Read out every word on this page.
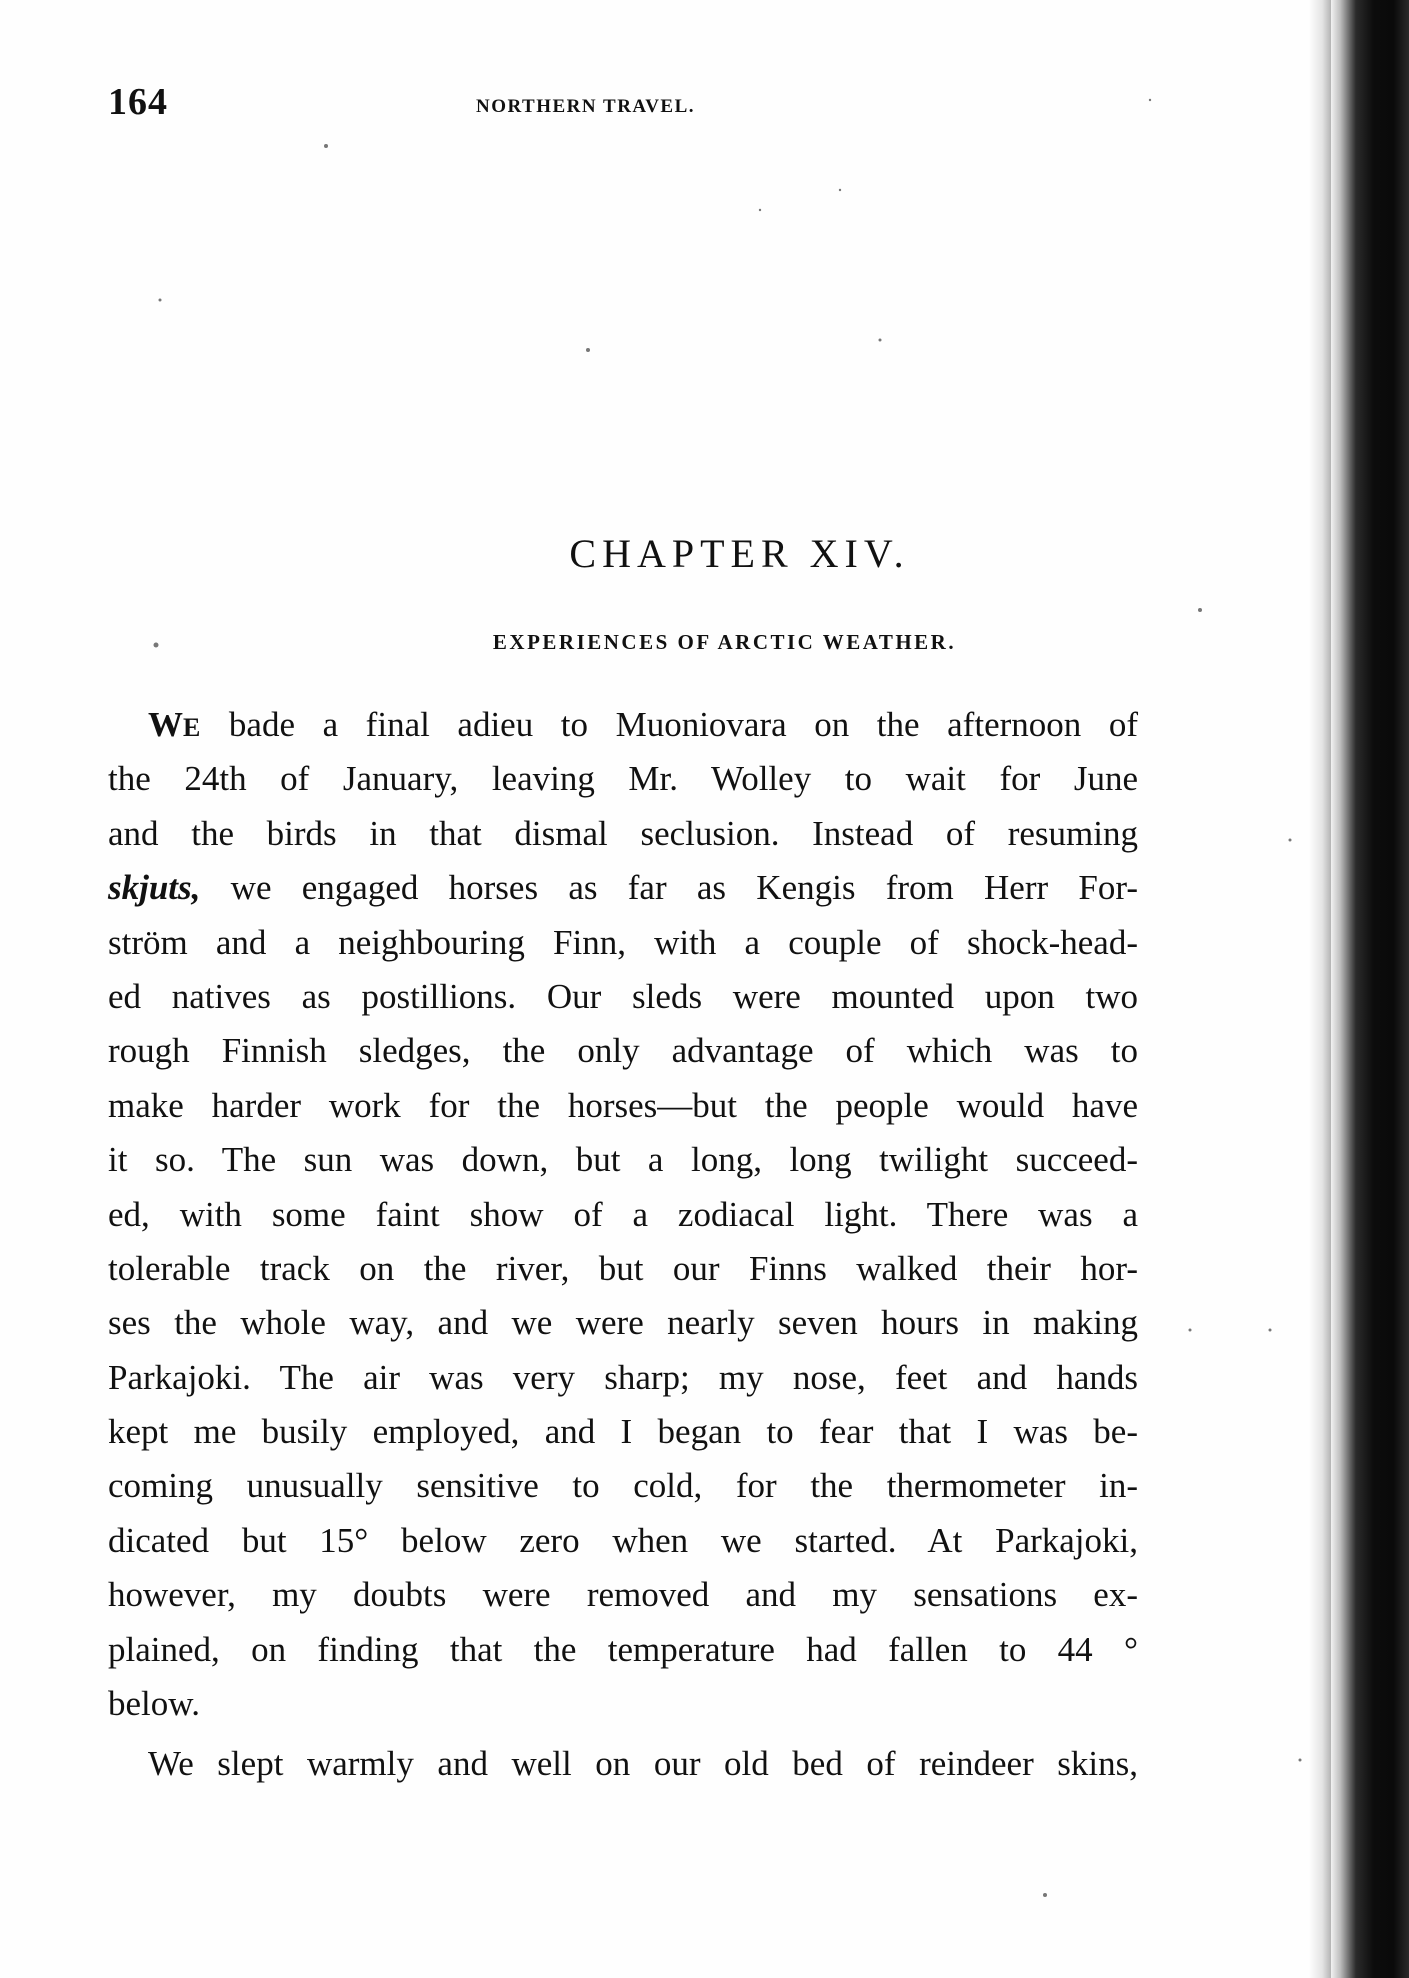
164	NORTHERN TRAVEL.
CHAPTER XIV.
EXPERIENCES OF ARCTIC WEATHER.
WE bade a final adieu to Muoniovara on the afternoon of
the 24th of January, leaving Mr. Wolley to wait for June
and the birds in that dismal seclusion. Instead of resuming
skjuts, we engaged horses as far as Kengis from Herr For-
ström and a neighbouring Finn, with a couple of shock-head-
ed natives as postillions. Our sleds were mounted upon two
rough Finnish sledges, the only advantage of which was to
make harder work for the horses—but the people would have
it so. The sun was down, but a long, long twilight succeed-
ed, with some faint show of a zodiacal light. There was a
tolerable track on the river, but our Finns walked their hor-
ses the whole way, and we were nearly seven hours in making
Parkajoki. The air was very sharp; my nose, feet and hands
kept me busily employed, and I began to fear that I was be-
coming unusually sensitive to cold, for the thermometer in-
dicated but 15° below zero when we started. At Parkajoki,
however, my doubts were removed and my sensations ex-
plained, on finding that the temperature had fallen to 44 °
below.
We slept warmly and well on our old bed of reindeer skins,
